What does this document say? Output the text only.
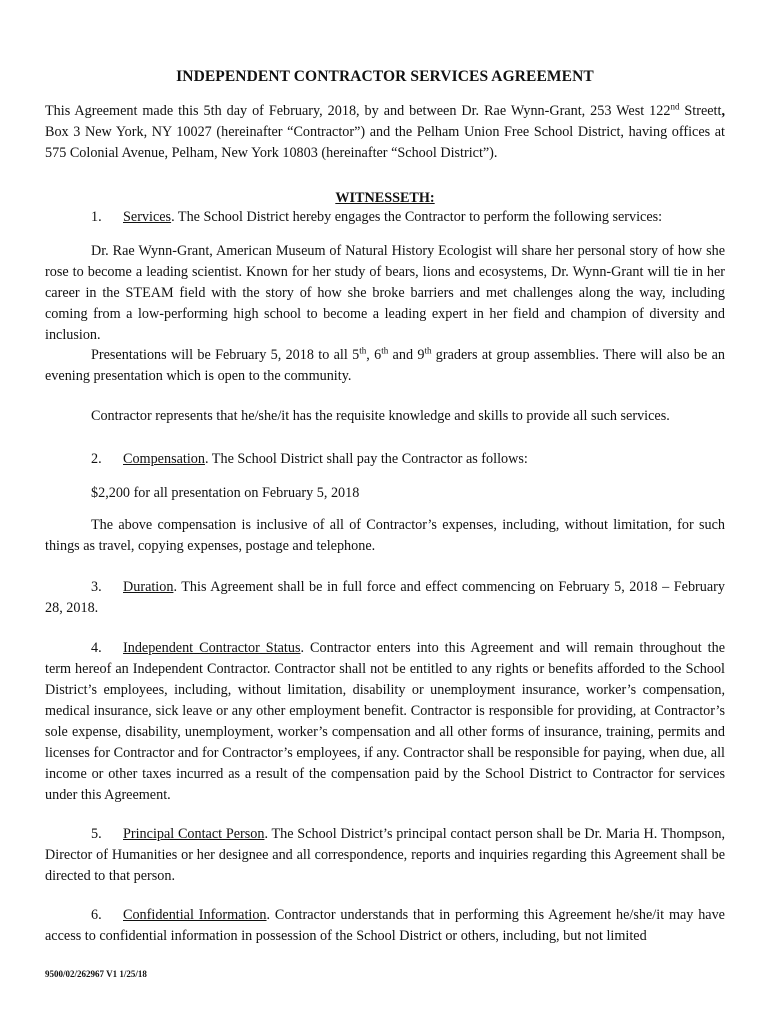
INDEPENDENT CONTRACTOR SERVICES AGREEMENT

This Agreement made this 5th day of February, 2018, by and between Dr. Rae Wynn-Grant, 253 West 122nd Streett, Box 3 New York, NY 10027 (hereinafter “Contractor”) and the Pelham Union Free School District, having offices at 575 Colonial Avenue, Pelham, New York 10803 (hereinafter “School District”).

WITNESSETH:

1. Services. The School District hereby engages the Contractor to perform the following services:

Dr. Rae Wynn-Grant, American Museum of Natural History Ecologist will share her personal story of how she rose to become a leading scientist. Known for her study of bears, lions and ecosystems, Dr. Wynn-Grant will tie in her career in the STEAM field with the story of how she broke barriers and met challenges along the way, including coming from a low-performing high school to become a leading expert in her field and champion of diversity and inclusion.

Presentations will be February 5, 2018 to all 5th, 6th and 9th graders at group assemblies. There will also be an evening presentation which is open to the community.

Contractor represents that he/she/it has the requisite knowledge and skills to provide all such services.

2. Compensation. The School District shall pay the Contractor as follows:

$2,200 for all presentation on February 5, 2018

The above compensation is inclusive of all of Contractor’s expenses, including, without limitation, for such things as travel, copying expenses, postage and telephone.

3. Duration. This Agreement shall be in full force and effect commencing on February 5, 2018 – February 28, 2018.

4. Independent Contractor Status. Contractor enters into this Agreement and will remain throughout the term hereof an Independent Contractor. Contractor shall not be entitled to any rights or benefits afforded to the School District’s employees, including, without limitation, disability or unemployment insurance, worker’s compensation, medical insurance, sick leave or any other employment benefit. Contractor is responsible for providing, at Contractor’s sole expense, disability, unemployment, worker’s compensation and all other forms of insurance, training, permits and licenses for Contractor and for Contractor’s employees, if any. Contractor shall be responsible for paying, when due, all income or other taxes incurred as a result of the compensation paid by the School District to Contractor for services under this Agreement.

5. Principal Contact Person. The School District’s principal contact person shall be Dr. Maria H. Thompson, Director of Humanities or her designee and all correspondence, reports and inquiries regarding this Agreement shall be directed to that person.

6. Confidential Information. Contractor understands that in performing this Agreement he/she/it may have access to confidential information in possession of the School District or others, including, but not limited

9500/02/262967 V1 1/25/18
